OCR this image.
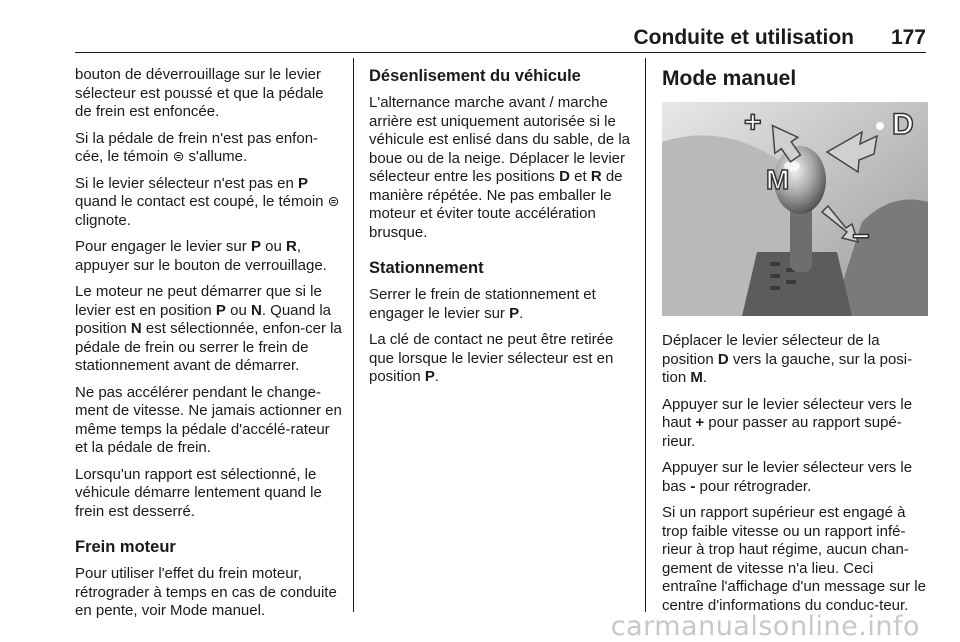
Conduite et utilisation 177

bouton de déverrouillage sur le levier sélecteur est poussé et que la pédale de frein est enfoncée.

Si la pédale de frein n'est pas enfon‐cée, le témoin ⊜ s'allume.

Si le levier sélecteur n'est pas en P quand le contact est coupé, le témoin ⊜ clignote.

Pour engager le levier sur P ou R, appuyer sur le bouton de verrouillage.

Le moteur ne peut démarrer que si le levier est en position P ou N. Quand la position N est sélectionnée, enfon‐cer la pédale de frein ou serrer le frein de stationnement avant de démarrer.

Ne pas accélérer pendant le change‐ment de vitesse. Ne jamais actionner en même temps la pédale d'accélé‐rateur et la pédale de frein.

Lorsqu'un rapport est sélectionné, le véhicule démarre lentement quand le frein est desserré.

Frein moteur

Pour utiliser l'effet du frein moteur, rétrograder à temps en cas de conduite en pente, voir Mode manuel.

Désenlisement du véhicule

L'alternance marche avant / marche arrière est uniquement autorisée si le véhicule est enlisé dans du sable, de la boue ou de la neige. Déplacer le levier sélecteur entre les positions D et R de manière répétée. Ne pas emballer le moteur et éviter toute accélération brusque.

Stationnement

Serrer le frein de stationnement et engager le levier sur P.

La clé de contact ne peut être retirée que lorsque le levier sélecteur est en position P.

Mode manuel
D
M
+
−

Déplacer le levier sélecteur de la position D vers la gauche, sur la posi‐tion M.

Appuyer sur le levier sélecteur vers le haut + pour passer au rapport supé‐rieur.

Appuyer sur le levier sélecteur vers le bas - pour rétrograder.

Si un rapport supérieur est engagé à trop faible vitesse ou un rapport infé‐rieur à trop haut régime, aucun chan‐gement de vitesse n'a lieu. Ceci entraîne l'affichage d'un message sur le centre d'informations du conduc‐teur.

carmanualsonline.info
